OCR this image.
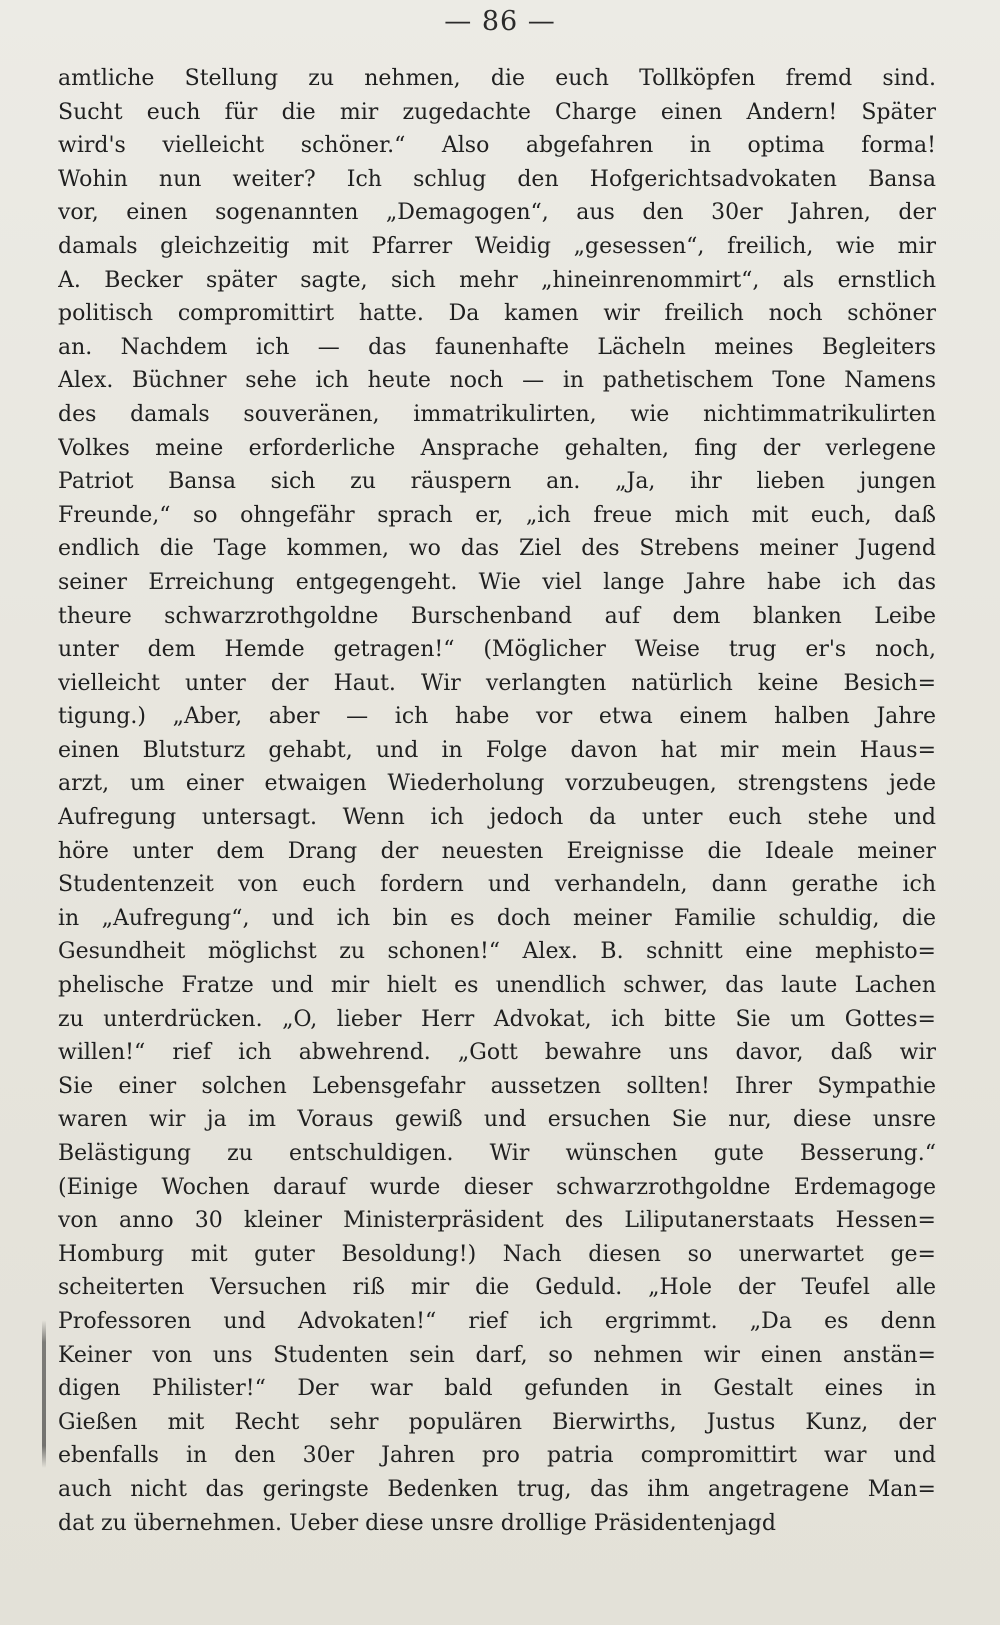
— 86 —
amtliche Stellung zu nehmen, die euch Tollköpfen fremd sind.
Sucht euch für die mir zugedachte Charge einen Andern! Später
wird's vielleicht schöner.“ Also abgefahren in optima forma!
Wohin nun weiter? Ich schlug den Hofgerichtsadvokaten Bansa
vor, einen sogenannten „Demagogen“, aus den 30er Jahren, der
damals gleichzeitig mit Pfarrer Weidig „gesessen“, freilich, wie mir
A. Becker später sagte, sich mehr „hineinrenommirt“, als ernstlich
politisch compromittirt hatte. Da kamen wir freilich noch schöner
an. Nachdem ich — das faunenhafte Lächeln meines Begleiters
Alex. Büchner sehe ich heute noch — in pathetischem Tone Namens
des damals souveränen, immatrikulirten, wie nichtimmatrikulirten
Volkes meine erforderliche Ansprache gehalten, fing der verlegene
Patriot Bansa sich zu räuspern an. „Ja, ihr lieben jungen
Freunde,“ so ohngefähr sprach er, „ich freue mich mit euch, daß
endlich die Tage kommen, wo das Ziel des Strebens meiner Jugend
seiner Erreichung entgegengeht. Wie viel lange Jahre habe ich das
theure schwarzrothgoldne Burschenband auf dem blanken Leibe
unter dem Hemde getragen!“ (Möglicher Weise trug er's noch,
vielleicht unter der Haut. Wir verlangten natürlich keine Besich=
tigung.) „Aber, aber — ich habe vor etwa einem halben Jahre
einen Blutsturz gehabt, und in Folge davon hat mir mein Haus=
arzt, um einer etwaigen Wiederholung vorzubeugen, strengstens jede
Aufregung untersagt. Wenn ich jedoch da unter euch stehe und
höre unter dem Drang der neuesten Ereignisse die Ideale meiner
Studentenzeit von euch fordern und verhandeln, dann gerathe ich
in „Aufregung“, und ich bin es doch meiner Familie schuldig, die
Gesundheit möglichst zu schonen!“ Alex. B. schnitt eine mephisto=
phelische Fratze und mir hielt es unendlich schwer, das laute Lachen
zu unterdrücken. „O, lieber Herr Advokat, ich bitte Sie um Gottes=
willen!“ rief ich abwehrend. „Gott bewahre uns davor, daß wir
Sie einer solchen Lebensgefahr aussetzen sollten! Ihrer Sympathie
waren wir ja im Voraus gewiß und ersuchen Sie nur, diese unsre
Belästigung zu entschuldigen. Wir wünschen gute Besserung.“
(Einige Wochen darauf wurde dieser schwarzrothgoldne Erdemagoge
von anno 30 kleiner Ministerpräsident des Liliputanerstaats Hessen=
Homburg mit guter Besoldung!) Nach diesen so unerwartet ge=
scheiterten Versuchen riß mir die Geduld. „Hole der Teufel alle
Professoren und Advokaten!“ rief ich ergrimmt. „Da es denn
Keiner von uns Studenten sein darf, so nehmen wir einen anstän=
digen Philister!“ Der war bald gefunden in Gestalt eines in
Gießen mit Recht sehr populären Bierwirths, Justus Kunz, der
ebenfalls in den 30er Jahren pro patria compromittirt war und
auch nicht das geringste Bedenken trug, das ihm angetragene Man=
dat zu übernehmen. Ueber diese unsre drollige Präsidentenjagd
